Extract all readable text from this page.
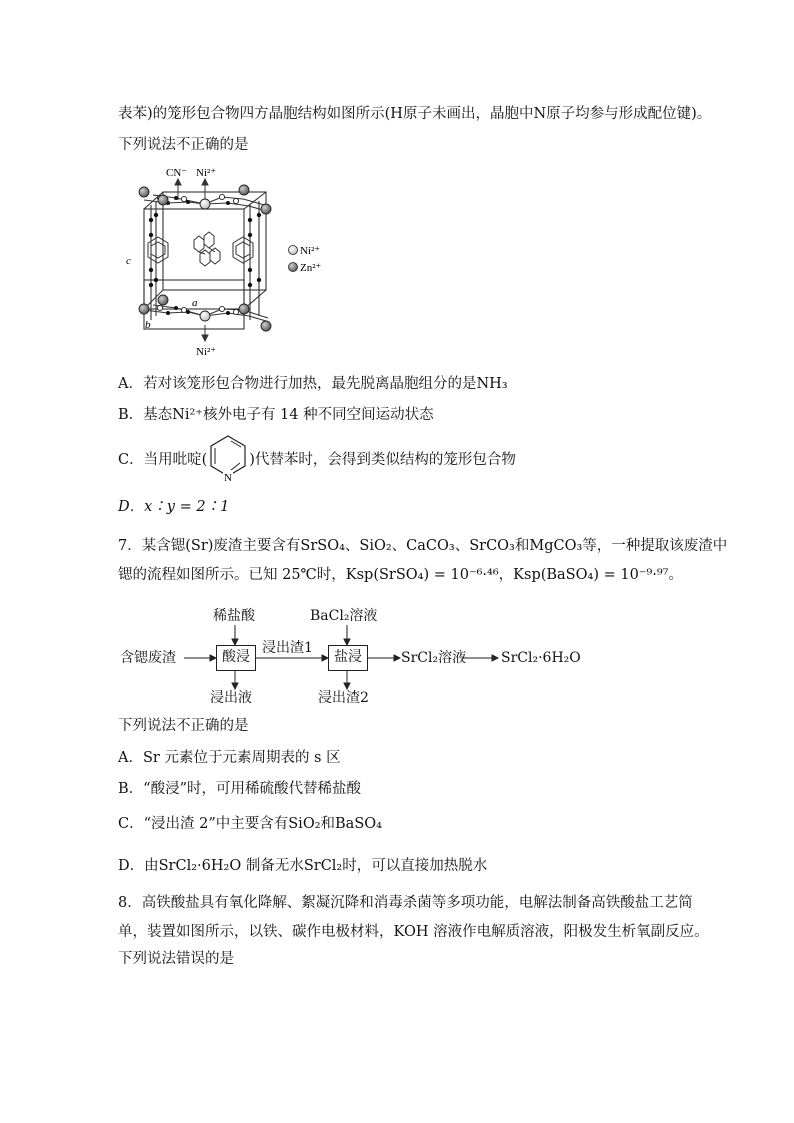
表苯)的笼形包合物四方晶胞结构如图所示(H原子未画出，晶胞中N原子均参与形成配位键)。
下列说法不正确的是
CN⁻ Ni²⁺
Ni²⁺
a
b
c
Ni²⁺
Zn²⁺
A．若对该笼形包合物进行加热，最先脱离晶胞组分的是NH₃
B．基态Ni²⁺核外电子有 14 种不同空间运动状态
C．当用吡啶(
N
)代替苯时，会得到类似结构的笼形包合物
D．x∶y = 2∶1
7．某含锶(Sr)废渣主要含有SrSO₄、SiO₂、CaCO₃、SrCO₃和MgCO₃等，一种提取该废渣中
锶的流程如图所示。已知 25℃时，Ksp(SrSO₄) = 10⁻⁶·⁴⁶，Ksp(BaSO₄) = 10⁻⁹·⁹⁷。
含锶废渣	酸浸
稀盐酸
浸出液
浸出渣1
盐浸
BaCl₂溶液
浸出渣2
SrCl₂溶液 SrCl₂·6H₂O
下列说法不正确的是
A．Sr 元素位于元素周期表的 s 区
B．“酸浸”时，可用稀硫酸代替稀盐酸
C．“浸出渣 2”中主要含有SiO₂和BaSO₄
D．由SrCl₂·6H₂O 制备无水SrCl₂时，可以直接加热脱水
8．高铁酸盐具有氧化降解、絮凝沉降和消毒杀菌等多项功能，电解法制备高铁酸盐工艺简
单，装置如图所示，以铁、碳作电极材料，KOH 溶液作电解质溶液，阳极发生析氧副反应。
下列说法错误的是
